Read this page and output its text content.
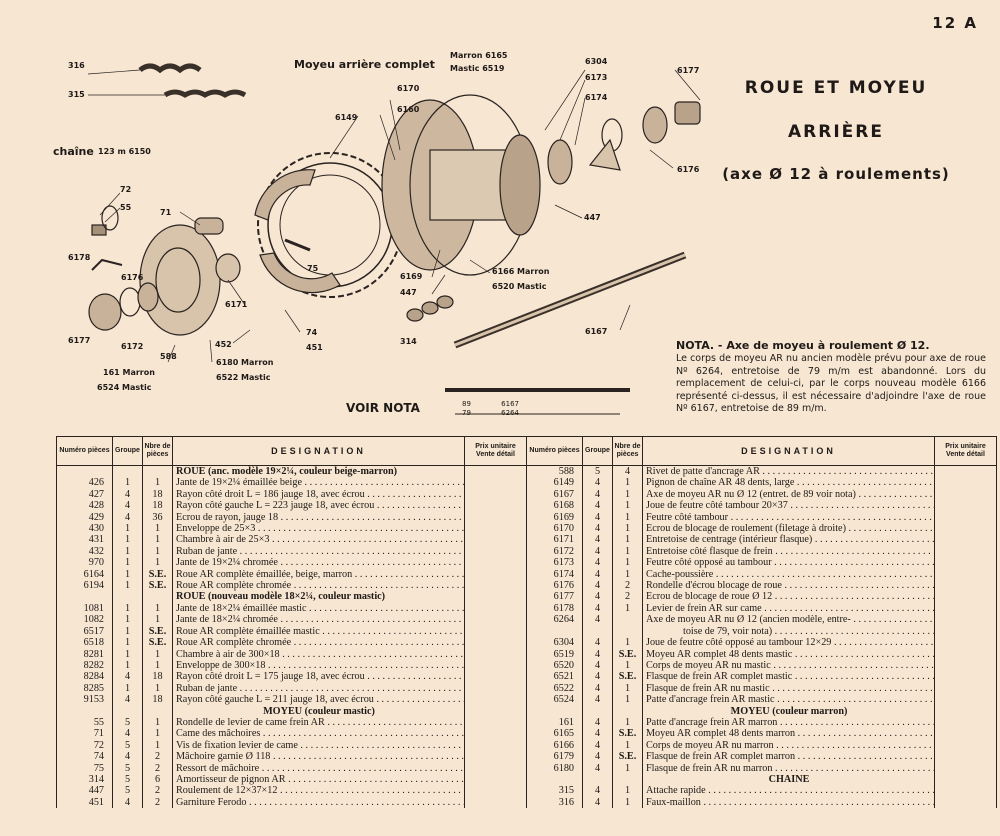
12 A
ROUE ET MOYEU
ARRIÈRE
(axe Ø 12 à roulements)
316
315
Moyeu arrière complet
Marron 6165
Mastic 6519
chaîne 123 m 6150
6170
6160
6149
6304
6173
6174
6177
6176
447
72
55
71
6178
6176
6177
6172
75
6171
452
74
451
588
161 Marron
6524 Mastic
6180 Marron
6522 Mastic
6169
447
314
6166 Marron
6520 Mastic
6167
VOIR NOTA	89	6167
79	6264
NOTA. - Axe de moyeu à roulement Ø 12.
Le corps de moyeu AR nu ancien modèle prévu pour axe de roue Nº 6264, entretoise de 79 m/m est abandonné. Lors du remplacement de celui-ci, par le corps nouveau modèle 6166 représenté ci-dessus, il est nécessaire d'adjoindre l'axe de roue Nº 6167, entretoise de 89 m/m.
Numéro pièces	Groupe	Nbre de pièces	DESIGNATION	Prix unitaire Vente détail
			ROUE (anc. modèle 19×2¼, couleur beige-marron)	
426	1	1	Jante de 19×2¼ émaillée beige . . .	
427	4	18	Rayon côté droit L = 186 jauge 18, avec écrou . . .	
428	4	18	Rayon côté gauche L = 223 jauge 18, avec écrou . . .	
429	4	36	Ecrou de rayon, jauge 18 . . .	
430	1	1	Enveloppe de 25×3 . . .	
431	1	1	Chambre à air de 25×3 . . .	
432	1	1	Ruban de jante . . .	
970	1	1	Jante de 19×2¼ chromée . . .	
6164	1	S.E.	Roue AR complète émaillée, beige, marron . . .	
6194	1	S.E.	Roue AR complète chromée . . .	
			ROUE (nouveau modèle 18×2¼, couleur mastic)	
1081	1	1	Jante de 18×2¼ émaillée mastic . . .	
1082	1	1	Jante de 18×2¼ chromée . . .	
6517	1	S.E.	Roue AR complète émaillée mastic . . .	
6518	1	S.E.	Roue AR complète chromée . . .	
8281	1	1	Chambre à air de 300×18 . . .	
8282	1	1	Enveloppe de 300×18 . . .	
8284	4	18	Rayon côté droit L = 175 jauge 18, avec écrou . . .	
8285	1	1	Ruban de jante . . .	
9153	4	18	Rayon côté gauche L = 211 jauge 18, avec écrou . . .	
			MOYEU (couleur mastic)	
55	5	1	Rondelle de levier de came frein AR . . .	
71	4	1	Came des mâchoires . . .	
72	5	1	Vis de fixation levier de came . . .	
74	4	2	Mâchoire garnie Ø 118 . . .	
75	5	2	Ressort de mâchoire . . .	
314	5	6	Amortisseur de pignon AR . . .	
447	5	2	Roulement de 12×37×12 . . .	
451	4	2	Garniture Ferodo . . .	
Numéro pièces	Groupe	Nbre de pièces	DESIGNATION	Prix unitaire Vente détail
588	5	4	Rivet de patte d'ancrage AR . . .	
6149	4	1	Pignon de chaîne AR 48 dents, large . . .	
6167	4	1	Axe de moyeu AR nu Ø 12 (entret. de 89 voir nota) . . .	
6168	4	1	Joue de feutre côté tambour 20×37 . . .	
6169	4	1	Feutre côté tambour . . .	
6170	4	1	Ecrou de blocage de roulement (filetage à droite) . . .	
6171	4	1	Entretoise de centrage (intérieur flasque) . . .	
6172	4	1	Entretoise côté flasque de frein . . .	
6173	4	1	Feutre côté opposé au tambour . . .	
6174	4	1	Cache-poussière . . .	
6176	4	2	Rondelle d'écrou blocage de roue . . .	
6177	4	2	Ecrou de blocage de roue Ø 12 . . .	
6178	4	1	Levier de frein AR sur came . . .	
6264	4		Axe de moyeu AR nu Ø 12 (ancien modèle, entre- . . .	
			toise de 79, voir nota) . . .	
6304	4	1	Joue de feutre côté opposé au tambour 12×29 . . .	
6519	4	S.E.	Moyeu AR complet 48 dents mastic . . .	
6520	4	1	Corps de moyeu AR nu mastic . . .	
6521	4	S.E.	Flasque de frein AR complet mastic . . .	
6522	4	1	Flasque de frein AR nu mastic . . .	
6524	4	1	Patte d'ancrage frein AR mastic . . .	
			MOYEU (couleur marron)	
161	4	1	Patte d'ancrage frein AR marron . . .	
6165	4	S.E.	Moyeu AR complet 48 dents marron . . .	
6166	4	1	Corps de moyeu AR nu marron . . .	
6179	4	S.E.	Flasque de frein AR complet marron . . .	
6180	4	1	Flasque de frein AR nu marron . . .	
			CHAINE	
315	4	1	Attache rapide . . .	
316	4	1	Faux-maillon . . .	
